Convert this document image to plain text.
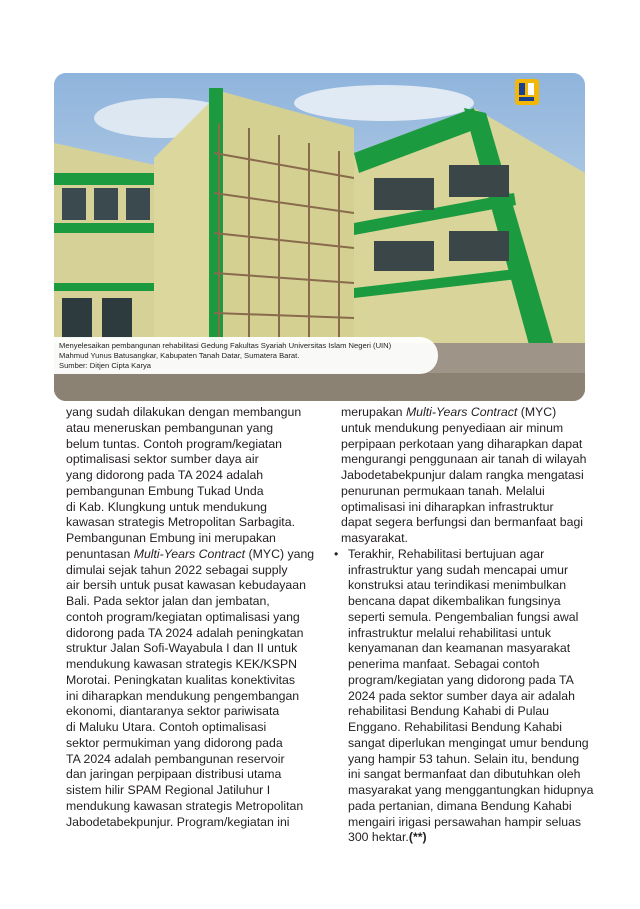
Menyelesaikan pembangunan rehabilitasi Gedung Fakultas Syariah Universitas Islam Negeri (UIN)
Mahmud Yunus Batusangkar, Kabupaten Tanah Datar, Sumatera Barat.
Sumber: Ditjen Cipta Karya
yang sudah dilakukan dengan membangun
atau meneruskan pembangunan yang
belum tuntas. Contoh program/kegiatan
optimalisasi sektor sumber daya air
yang didorong pada TA 2024 adalah
pembangunan Embung Tukad Unda
di Kab. Klungkung untuk mendukung
kawasan strategis Metropolitan Sarbagita.
Pembangunan Embung ini merupakan
penuntasan Multi-Years Contract (MYC) yang
dimulai sejak tahun 2022 sebagai supply
air bersih untuk pusat kawasan kebudayaan
Bali. Pada sektor jalan dan jembatan,
contoh program/kegiatan optimalisasi yang
didorong pada TA 2024 adalah peningkatan
struktur Jalan Sofi-Wayabula I dan II untuk
mendukung kawasan strategis KEK/KSPN
Morotai. Peningkatan kualitas konektivitas
ini diharapkan mendukung pengembangan
ekonomi, diantaranya sektor pariwisata
di Maluku Utara. Contoh optimalisasi
sektor permukiman yang didorong pada
TA 2024 adalah pembangunan reservoir
dan jaringan perpipaan distribusi utama
sistem hilir SPAM Regional Jatiluhur I
mendukung kawasan strategis Metropolitan
Jabodetabekpunjur. Program/kegiatan ini
merupakan Multi-Years Contract (MYC)
untuk mendukung penyediaan air minum
perpipaan perkotaan yang diharapkan dapat
mengurangi penggunaan air tanah di wilayah
Jabodetabekpunjur dalam rangka mengatasi
penurunan permukaan tanah. Melalui
optimalisasi ini diharapkan infrastruktur
dapat segera berfungsi dan bermanfaat bagi
masyarakat.
• Terakhir, Rehabilitasi bertujuan agar
infrastruktur yang sudah mencapai umur
konstruksi atau terindikasi menimbulkan
bencana dapat dikembalikan fungsinya
seperti semula. Pengembalian fungsi awal
infrastruktur melalui rehabilitasi untuk
kenyamanan dan keamanan masyarakat
penerima manfaat. Sebagai contoh
program/kegiatan yang didorong pada TA
2024 pada sektor sumber daya air adalah
rehabilitasi Bendung Kahabi di Pulau
Enggano. Rehabilitasi Bendung Kahabi
sangat diperlukan mengingat umur bendung
yang hampir 53 tahun. Selain itu, bendung
ini sangat bermanfaat dan dibutuhkan oleh
masyarakat yang menggantungkan hidupnya
pada pertanian, dimana Bendung Kahabi
mengairi irigasi persawahan hampir seluas
300 hektar.(**)
